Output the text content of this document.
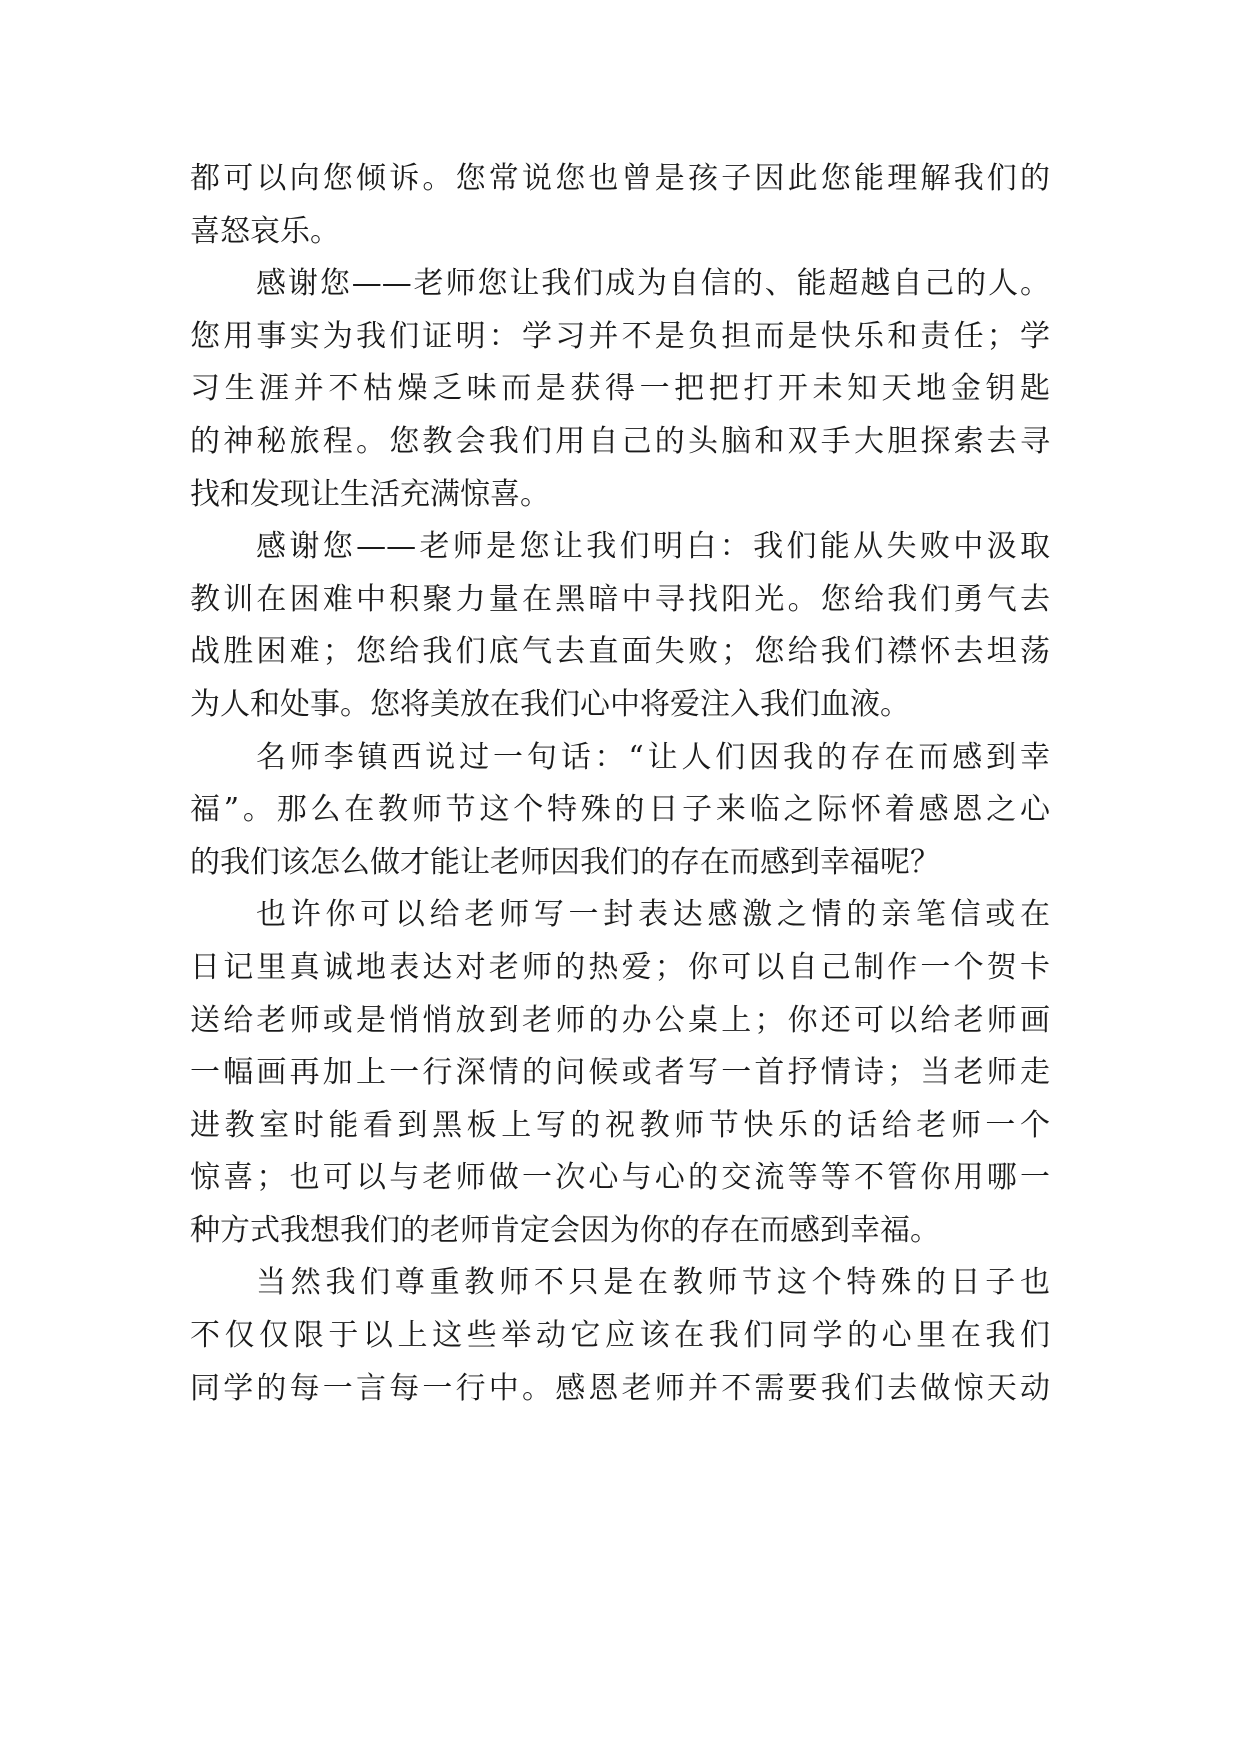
都可以向您倾诉。您常说您也曾是孩子因此您能理解我们的
喜怒哀乐。
感谢您——老师您让我们成为自信的、能超越自己的人。
您用事实为我们证明：学习并不是负担而是快乐和责任；学
习生涯并不枯燥乏味而是获得一把把打开未知天地金钥匙
的神秘旅程。您教会我们用自己的头脑和双手大胆探索去寻
找和发现让生活充满惊喜。
感谢您——老师是您让我们明白：我们能从失败中汲取
教训在困难中积聚力量在黑暗中寻找阳光。您给我们勇气去
战胜困难；您给我们底气去直面失败；您给我们襟怀去坦荡
为人和处事。您将美放在我们心中将爱注入我们血液。
名师李镇西说过一句话：“让人们因我的存在而感到幸
福”。那么在教师节这个特殊的日子来临之际怀着感恩之心
的我们该怎么做才能让老师因我们的存在而感到幸福呢？
也许你可以给老师写一封表达感激之情的亲笔信或在
日记里真诚地表达对老师的热爱；你可以自己制作一个贺卡
送给老师或是悄悄放到老师的办公桌上；你还可以给老师画
一幅画再加上一行深情的问候或者写一首抒情诗；当老师走
进教室时能看到黑板上写的祝教师节快乐的话给老师一个
惊喜；也可以与老师做一次心与心的交流等等不管你用哪一
种方式我想我们的老师肯定会因为你的存在而感到幸福。
当然我们尊重教师不只是在教师节这个特殊的日子也
不仅仅限于以上这些举动它应该在我们同学的心里在我们
同学的每一言每一行中。感恩老师并不需要我们去做惊天动
